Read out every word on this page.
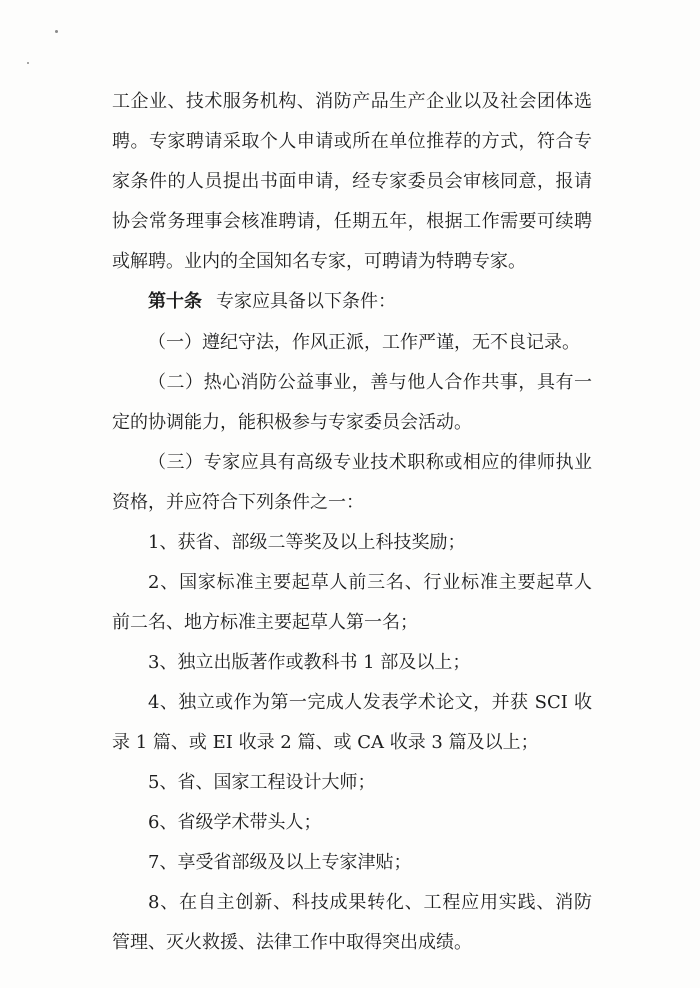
工企业、技术服务机构、消防产品生产企业以及社会团体选
聘。专家聘请采取个人申请或所在单位推荐的方式，符合专
家条件的人员提出书面申请，经专家委员会审核同意，报请
协会常务理事会核准聘请，任期五年，根据工作需要可续聘
或解聘。业内的全国知名专家，可聘请为特聘专家。
第十条 专家应具备以下条件：
（一）遵纪守法，作风正派，工作严谨，无不良记录。
（二）热心消防公益事业，善与他人合作共事，具有一
定的协调能力，能积极参与专家委员会活动。
（三）专家应具有高级专业技术职称或相应的律师执业
资格，并应符合下列条件之一：
1、获省、部级二等奖及以上科技奖励；
2、国家标准主要起草人前三名、行业标准主要起草人
前二名、地方标准主要起草人第一名；
3、独立出版著作或教科书 1 部及以上；
4、独立或作为第一完成人发表学术论文，并获 SCI 收
录 1 篇、或 EI 收录 2 篇、或 CA 收录 3 篇及以上；
5、省、国家工程设计大师；
6、省级学术带头人；
7、享受省部级及以上专家津贴；
8、在自主创新、科技成果转化、工程应用实践、消防
管理、灭火救援、法律工作中取得突出成绩。
